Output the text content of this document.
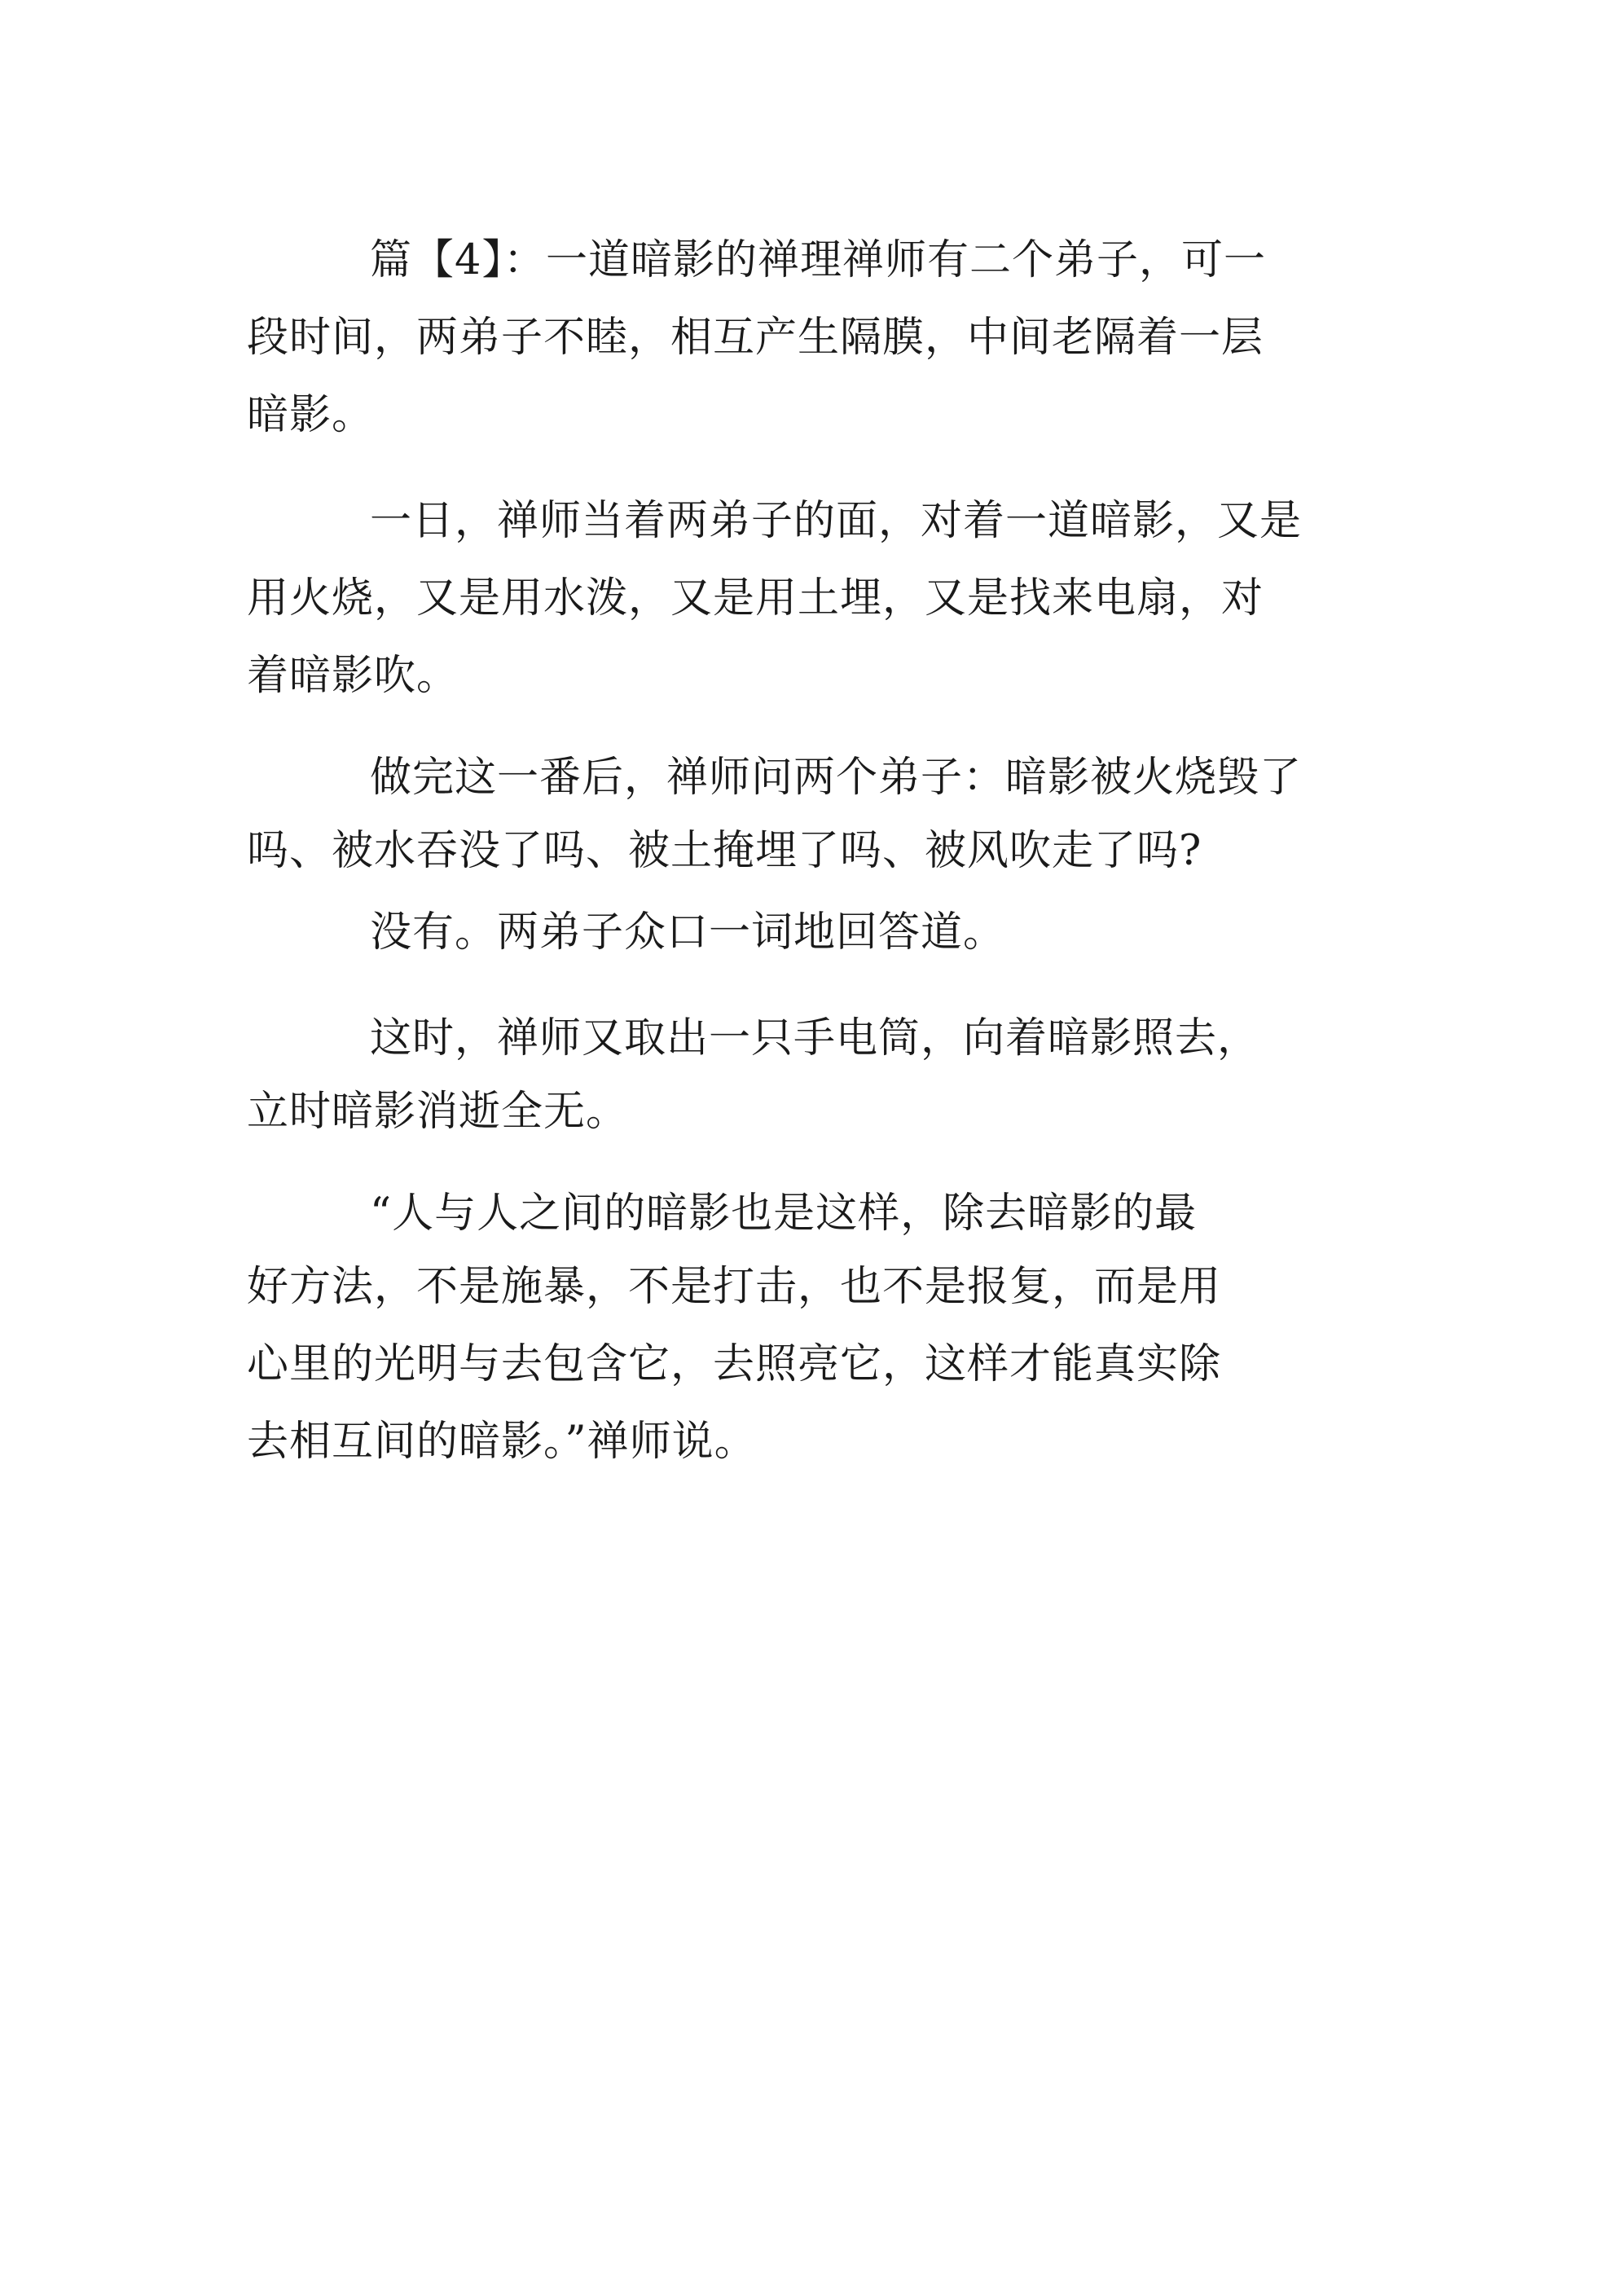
篇【4】：一道暗影的禅理禅师有二个弟子，可一
段时间，两弟子不睦，相互产生隔膜，中间老隔着一层
暗影。
一日，禅师当着两弟子的面，对着一道暗影，又是
用火烧，又是用水泼，又是用土埋，又是找来电扇，对
着暗影吹。
做完这一番后，禅师问两个弟子：暗影被火烧毁了
吗、被水吞没了吗、被土掩埋了吗、被风吹走了吗?
没有。两弟子众口一词地回答道。
这时，禅师又取出一只手电筒，向着暗影照去，
立时暗影消逝全无。
“人与人之间的暗影也是这样，除去暗影的最
好方法，不是施暴，不是打击，也不是报复，而是用
心里的光明与去包含它，去照亮它，这样才能真实除
去相互间的暗影。”禅师说。
